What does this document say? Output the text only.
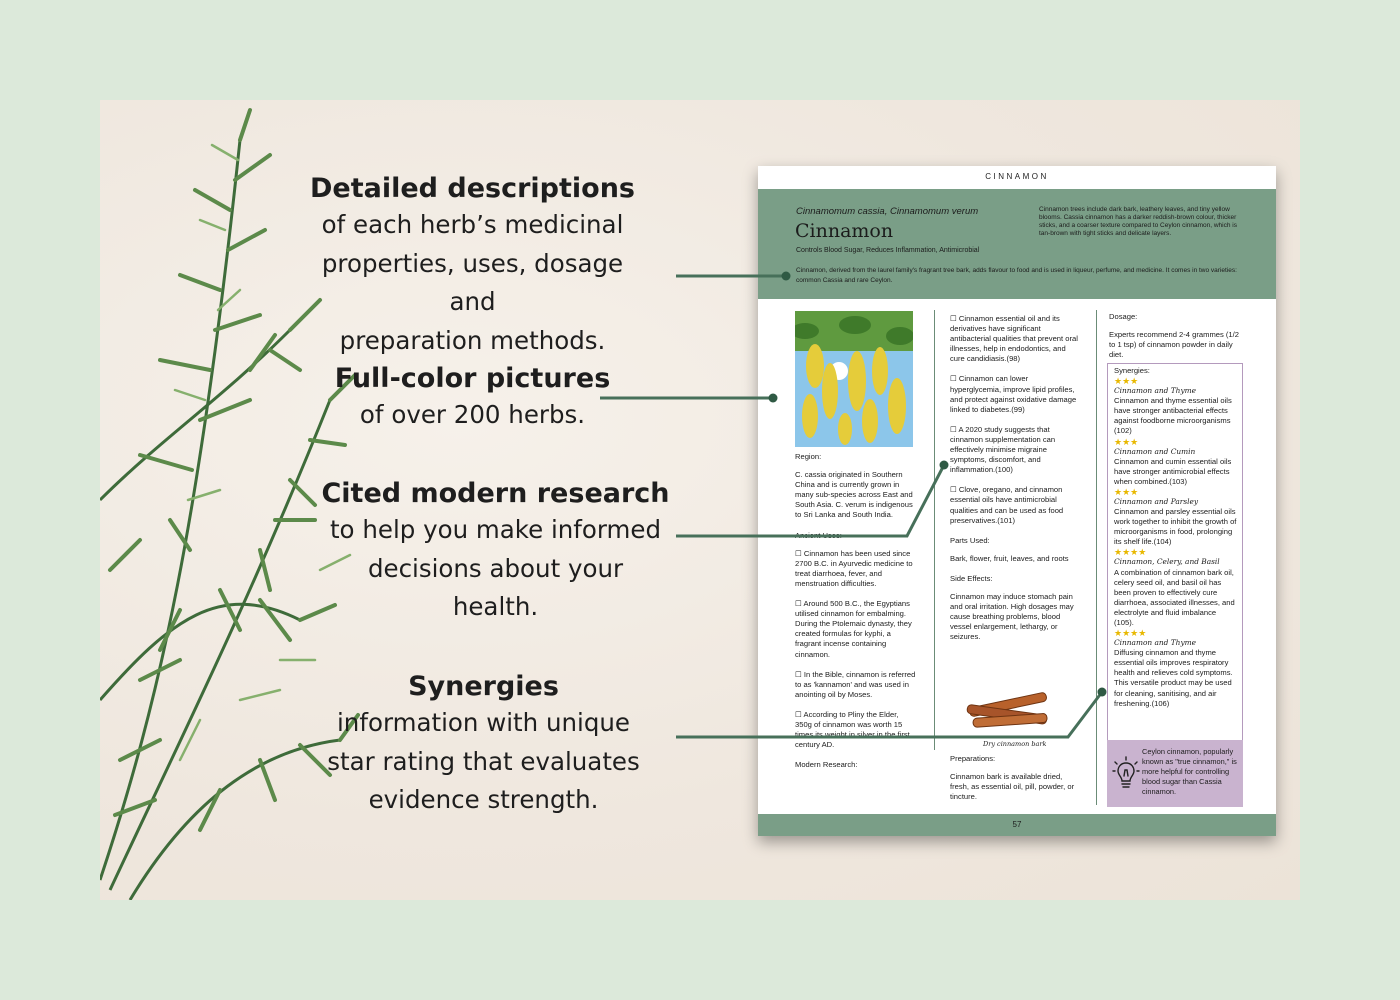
Detailed descriptions

of each herb’s medicinal

properties, uses, dosage and

preparation methods.

Full-color pictures

of over 200 herbs.

Cited modern research

to help you make informed

decisions about your

health.

Synergies

information with unique

star rating that evaluates

evidence strength.

CINNAMON
Cinnamomum cassia, Cinnamomum verum
Cinnamon
Controls Blood Sugar, Reduces Inflammation, Antimicrobial
Cinnamon trees include dark bark, leathery leaves, and tiny yellow blooms. Cassia cinnamon has a darker reddish-brown colour, thicker sticks, and a coarser texture compared to Ceylon cinnamon, which is tan-brown with tight sticks and delicate layers.
Cinnamon, derived from the laurel family's fragrant tree bark, adds flavour to food and is used in liqueur, perfume, and medicine. It comes in two varieties: common Cassia and rare Ceylon.
Region:
C. cassia originated in Southern China and is currently grown in many sub-species across East and South Asia. C. verum is indigenous to Sri Lanka and South India.
Ancient Uses:
☐ Cinnamon has been used since 2700 B.C. in Ayurvedic medicine to treat diarrhoea, fever, and menstruation difficulties.
☐ Around 500 B.C., the Egyptians utilised cinnamon for embalming. During the Ptolemaic dynasty, they created formulas for kyphi, a fragrant incense containing cinnamon.
☐ In the Bible, cinnamon is referred to as 'kannamon' and was used in anointing oil by Moses.
☐ According to Pliny the Elder, 350g of cinnamon was worth 15 times its weight in silver in the first century AD.
Modern Research:
☐ Cinnamon essential oil and its derivatives have significant antibacterial qualities that prevent oral illnesses, help in endodontics, and cure candidiasis.(98)
☐ Cinnamon can lower hyperglycemia, improve lipid profiles, and protect against oxidative damage linked to diabetes.(99)
☐ A 2020 study suggests that cinnamon supplementation can effectively minimise migraine symptoms, discomfort, and inflammation.(100)
☐ Clove, oregano, and cinnamon essential oils have antimicrobial qualities and can be used as food preservatives.(101)
Parts Used:
Bark, flower, fruit, leaves, and roots
Side Effects:
Cinnamon may induce stomach pain and oral irritation. High dosages may cause breathing problems, blood vessel enlargement, lethargy, or seizures.
Dry cinnamon bark
Preparations:
Cinnamon bark is available dried, fresh, as essential oil, pill, powder, or tincture.
Dosage:
Experts recommend 2-4 grammes (1/2 to 1 tsp) of cinnamon powder in daily diet.
Synergies:
★★★
Cinnamon and Thyme
Cinnamon and thyme essential oils have stronger antibacterial effects against foodborne microorganisms (102)
★★★
Cinnamon and Cumin
Cinnamon and cumin essential oils have stronger antimicrobial effects when combined.(103)
★★★
Cinnamon and Parsley
Cinnamon and parsley essential oils work together to inhibit the growth of microorganisms in food, prolonging its shelf life.(104)
★★★★
Cinnamon, Celery, and Basil
A combination of cinnamon bark oil, celery seed oil, and basil oil has been proven to effectively cure diarrhoea, associated illnesses, and electrolyte and fluid imbalance (105).
★★★★
Cinnamon and Thyme
Diffusing cinnamon and thyme essential oils improves respiratory health and relieves cold symptoms. This versatile product may be used for cleaning, sanitising, and air freshening.(106)
Ceylon cinnamon, popularly known as "true cinnamon," is more helpful for controlling blood sugar than Cassia cinnamon.
57
